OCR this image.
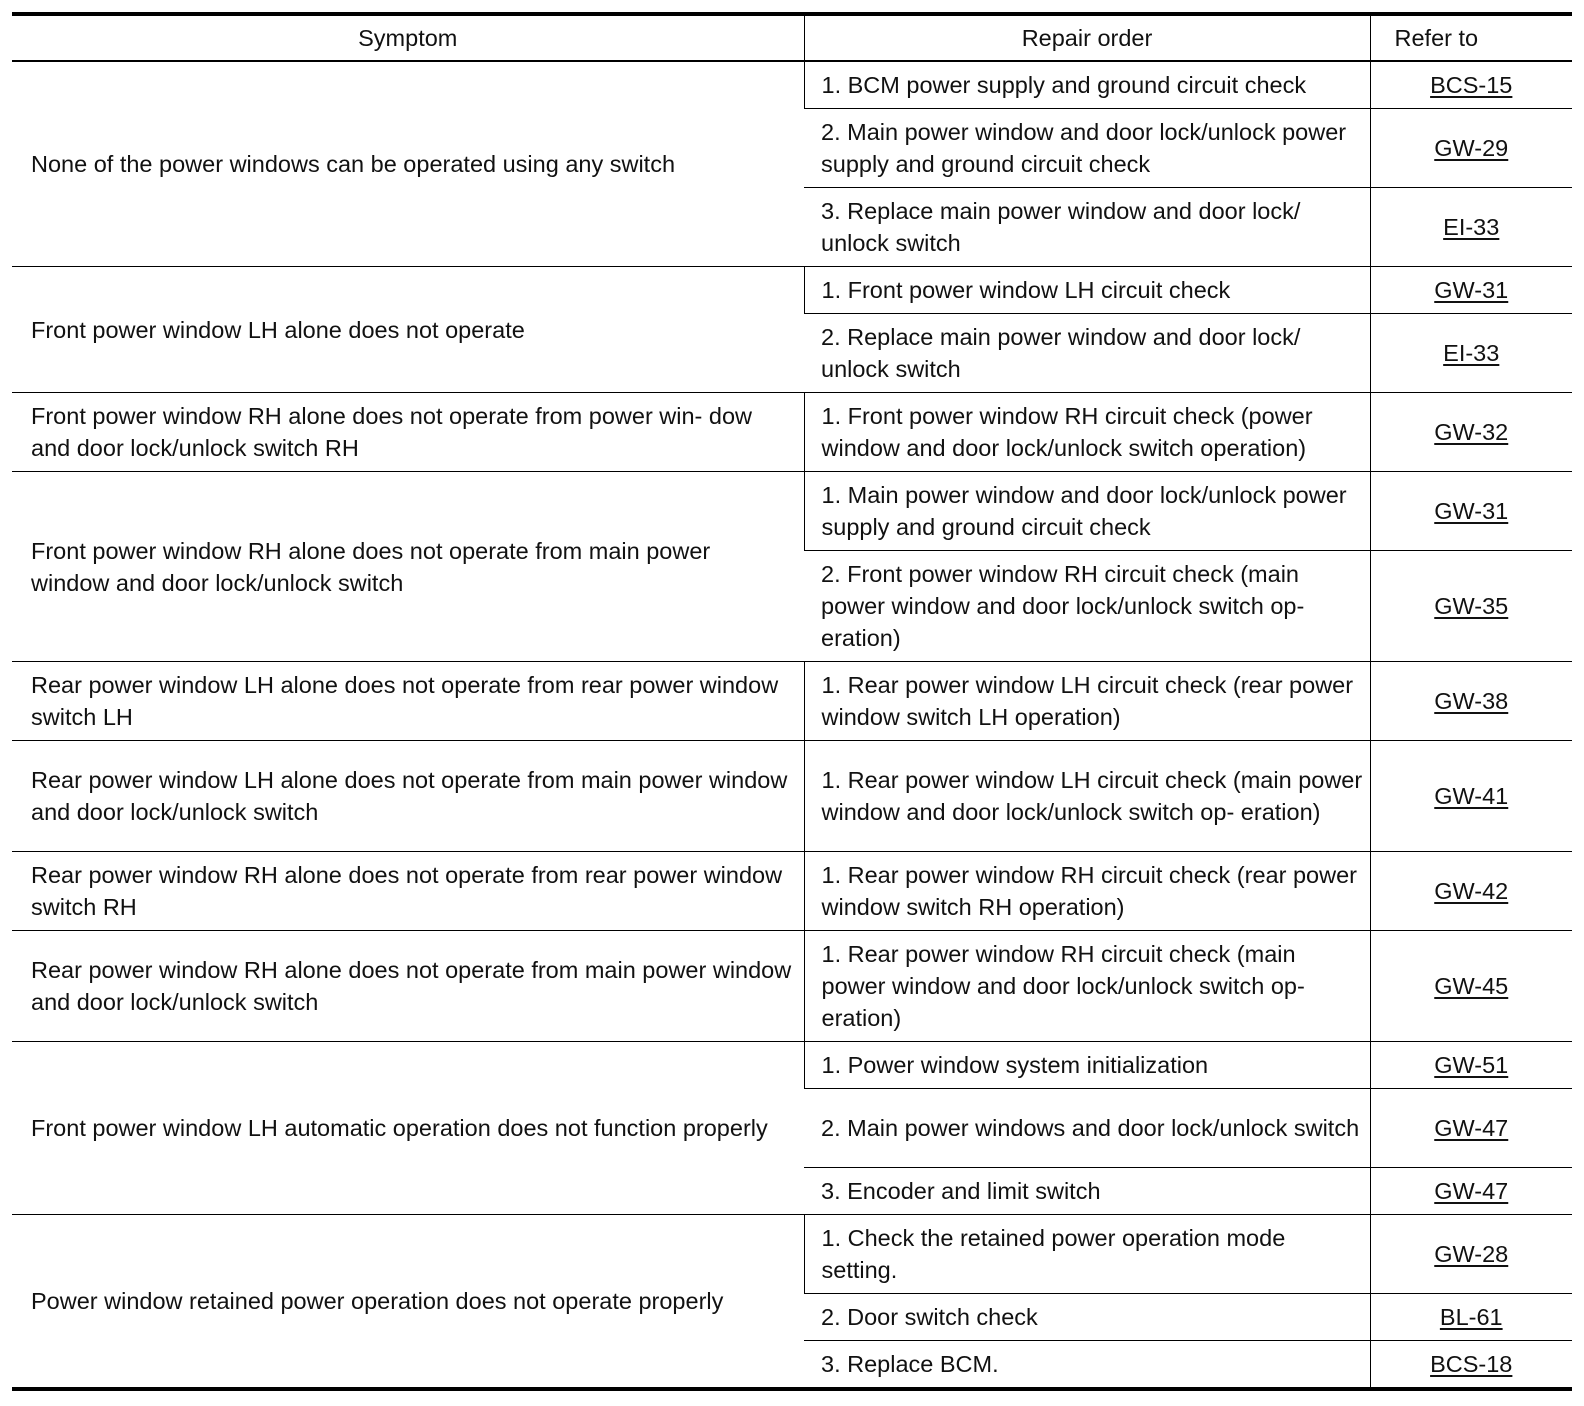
Symptom	Repair order	Refer to
None of the power windows can be operated using any switch	1. BCM power supply and ground circuit check	BCS-15
	2. Main power window and door lock/unlock power supply and ground circuit check	GW-29
	3. Replace main power window and door lock/ unlock switch	EI-33
Front power window LH alone does not operate	1. Front power window LH circuit check	GW-31
	2. Replace main power window and door lock/ unlock switch	EI-33
Front power window RH alone does not operate from power win- dow and door lock/unlock switch RH	1. Front power window RH circuit check (power window and door lock/unlock switch operation)	GW-32
Front power window RH alone does not operate from main power window and door lock/unlock switch	1. Main power window and door lock/unlock power supply and ground circuit check	GW-31
	2. Front power window RH circuit check (main power window and door lock/unlock switch op- eration)	GW-35
Rear power window LH alone does not operate from rear power window switch LH	1. Rear power window LH circuit check (rear power window switch LH operation)	GW-38
Rear power window LH alone does not operate from main power window and door lock/unlock switch	1. Rear power window LH circuit check (main power window and door lock/unlock switch op- eration)	GW-41
Rear power window RH alone does not operate from rear power window switch RH	1. Rear power window RH circuit check (rear power window switch RH operation)	GW-42
Rear power window RH alone does not operate from main power window and door lock/unlock switch	1. Rear power window RH circuit check (main power window and door lock/unlock switch op- eration)	GW-45
Front power window LH automatic operation does not function properly	1. Power window system initialization	GW-51
	2. Main power windows and door lock/unlock switch	GW-47
	3. Encoder and limit switch	GW-47
Power window retained power operation does not operate properly	1. Check the retained power operation mode setting.	GW-28
	2. Door switch check	BL-61
	3. Replace BCM.	BCS-18
